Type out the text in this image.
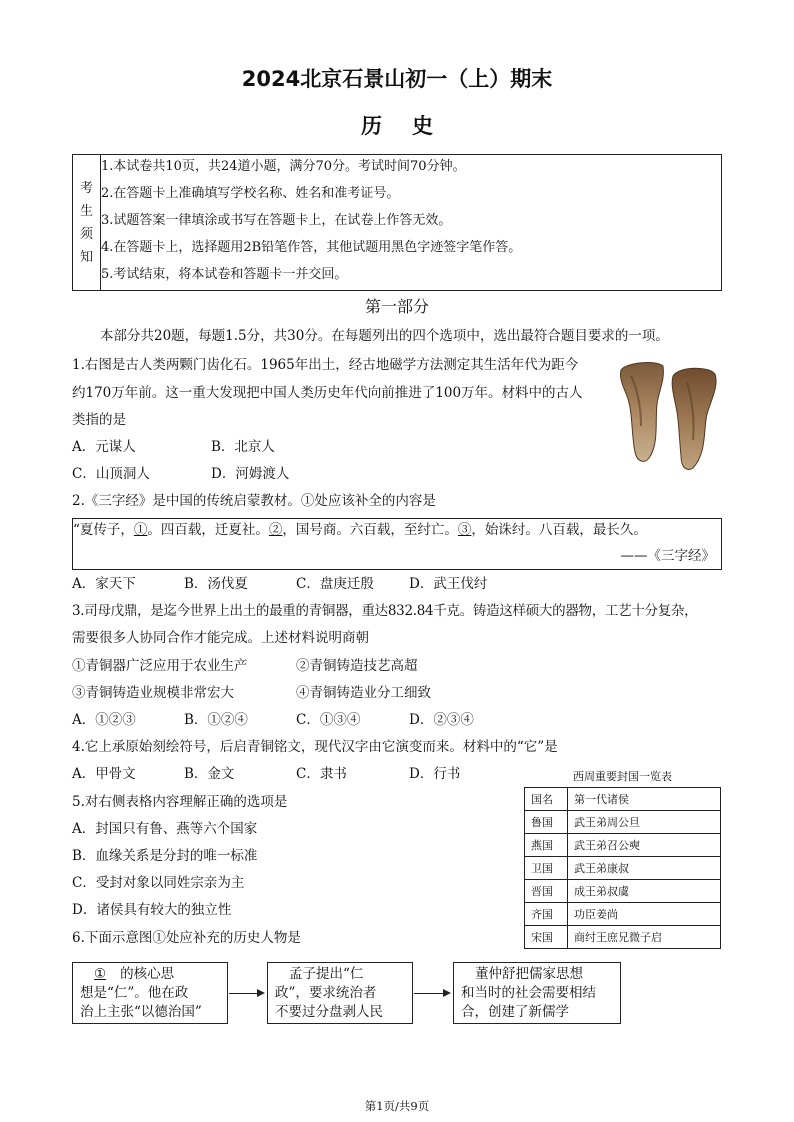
2024北京石景山初一（上）期末
历史
考
生
须
知
1.本试卷共10页，共24道小题，满分70分。考试时间70分钟。
2.在答题卡上准确填写学校名称、姓名和准考证号。
3.试题答案一律填涂或书写在答题卡上，在试卷上作答无效。
4.在答题卡上，选择题用2B铅笔作答，其他试题用黑色字迹签字笔作答。
5.考试结束，将本试卷和答题卡一并交回。
第一部分
本部分共20题，每题1.5分，共30分。在每题列出的四个选项中，选出最符合题目要求的一项。
1.右图是古人类两颗门齿化石。1965年出土，经古地磁学方法测定其生活年代为距今
约170万年前。这一重大发现把中国人类历史年代向前推进了100万年。材料中的古人
类指的是
A．元谋人	B．北京人
C．山顶洞人	D．河姆渡人
2.《三字经》是中国的传统启蒙教材。①处应该补全的内容是
“夏传子，①。四百载，迁夏社。②，国号商。六百载，至纣亡。③，始诛纣。八百载，最长久。
——《三字经》
A．家天下	B．汤伐夏	C．盘庚迁殷	D．武王伐纣
3.司母戊鼎，是迄今世界上出土的最重的青铜器，重达832.84千克。铸造这样硕大的器物，工艺十分复杂，
需要很多人协同合作才能完成。上述材料说明商朝
①青铜器广泛应用于农业生产	②青铜铸造技艺高超
③青铜铸造业规模非常宏大	④青铜铸造业分工细致
A．①②③	B．①②④	C．①③④	D．②③④
4.它上承原始刻绘符号，后启青铜铭文，现代汉字由它演变而来。材料中的“它”是
A．甲骨文	B．金文	C．隶书	D．行书	西周重要封国一览表
国名	第一代诸侯
鲁国	武王弟周公旦
燕国	武王弟召公奭
卫国	武王弟康叔
晋国	成王弟叔虞
齐国	功臣姜尚
宋国	商纣王庶兄微子启
5.对右侧表格内容理解正确的选项是
A．封国只有鲁、燕等六个国家
B．血缘关系是分封的唯一标准
C．受封对象以同姓宗亲为主
D．诸侯具有较大的独立性
6.下面示意图①处应补充的历史人物是
① 的核心思
想是“仁”。他在政
治上主张“以德治国”
孟子提出“仁
政”，要求统治者
不要过分盘剥人民
董仲舒把儒家思想
和当时的社会需要相结
合，创建了新儒学
第1页/共9页
